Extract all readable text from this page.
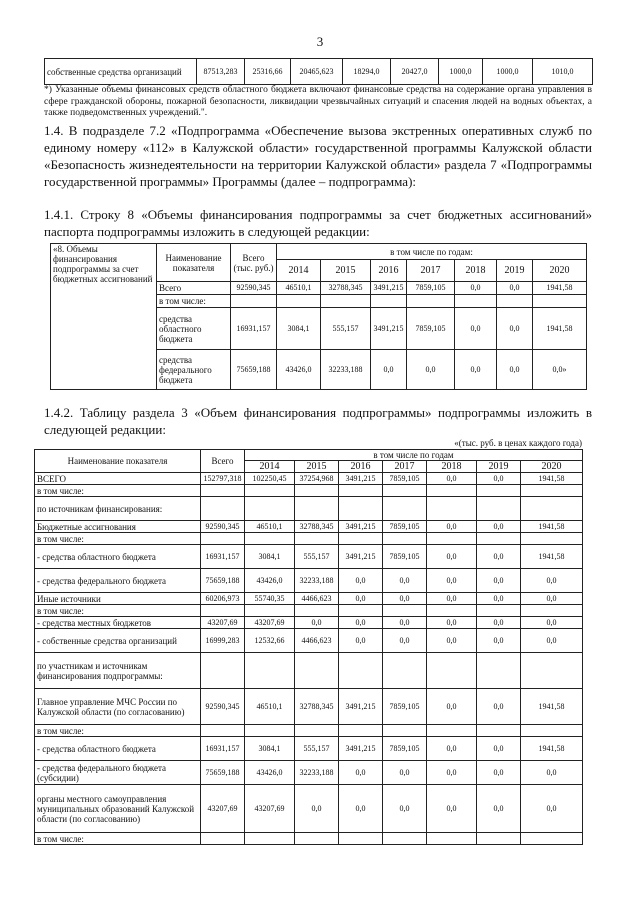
3
собственные средства организаций	87513,283	25316,66	20465,623	18294,0	20427,0	1000,0	1000,0	1010,0
*) Указанные объемы финансовых средств областного бюджета включают финансовые средства на содержание органа управления в сфере гражданской обороны, пожарной безопасности, ликвидации чрезвычайных ситуаций и спасения людей на водных объектах, а также подведомственных учреждений.".
1.4. В подразделе 7.2 «Подпрограмма «Обеспечение вызова экстренных оперативных служб по единому номеру «112» в Калужской области» государственной программы Калужской области «Безопасность жизнедеятельности на территории Калужской области» раздела 7 «Подпрограммы государственной программы» Программы (далее – подпрограмма):
1.4.1. Строку 8 «Объемы финансирования подпрограммы за счет бюджетных ассигнований» паспорта подпрограммы изложить в следующей редакции:
«8. Объемы финансирования подпрограммы за счет бюджетных ассигнований	Наименование показателя	Всего (тыс. руб.)	в том числе по годам:						
			2014	2015	2016	2017	2018	2019	2020
	Всего	92590,345	46510,1	32788,345	3491,215	7859,105	0,0	0,0	1941,58
	в том числе:								
	средства областного бюджета	16931,157	3084,1	555,157	3491,215	7859,105	0,0	0,0	1941,58
	средства федерального бюджета	75659,188	43426,0	32233,188	0,0	0,0	0,0	0,0	0,0»
1.4.2. Таблицу раздела 3 «Объем финансирования подпрограммы» подпрограммы изложить в следующей редакции:
«(тыс. руб. в ценах каждого года)
Наименование показателя	Всего	в том числе по годам						
		2014	2015	2016	2017	2018	2019	2020
ВСЕГО	152797,318	102250,45	37254,968	3491,215	7859,105	0,0	0,0	1941,58
в том числе:								
по источникам финансирования:								
Бюджетные ассигнования	92590,345	46510,1	32788,345	3491,215	7859,105	0,0	0,0	1941,58
в том числе:								
- средства областного бюджета	16931,157	3084,1	555,157	3491,215	7859,105	0,0	0,0	1941,58
- средства федерального бюджета	75659,188	43426,0	32233,188	0,0	0,0	0,0	0,0	0,0
Иные источники	60206,973	55740,35	4466,623	0,0	0,0	0,0	0,0	0,0
в том числе:								
- средства местных бюджетов	43207,69	43207,69	0,0	0,0	0,0	0,0	0,0	0,0
- собственные средства организаций	16999,283	12532,66	4466,623	0,0	0,0	0,0	0,0	0,0
по участникам и источникам финансирования подпрограммы:								
Главное управление МЧС России по Калужской области (по согласованию)	92590,345	46510,1	32788,345	3491,215	7859,105	0,0	0,0	1941,58
в том числе:								
- средства областного бюджета	16931,157	3084,1	555,157	3491,215	7859,105	0,0	0,0	1941,58
- средства федерального бюджета (субсидии)	75659,188	43426,0	32233,188	0,0	0,0	0,0	0,0	0,0
органы местного самоуправления муниципальных образований Калужской области (по согласованию)	43207,69	43207,69	0,0	0,0	0,0	0,0	0,0	0,0
в том числе:								
